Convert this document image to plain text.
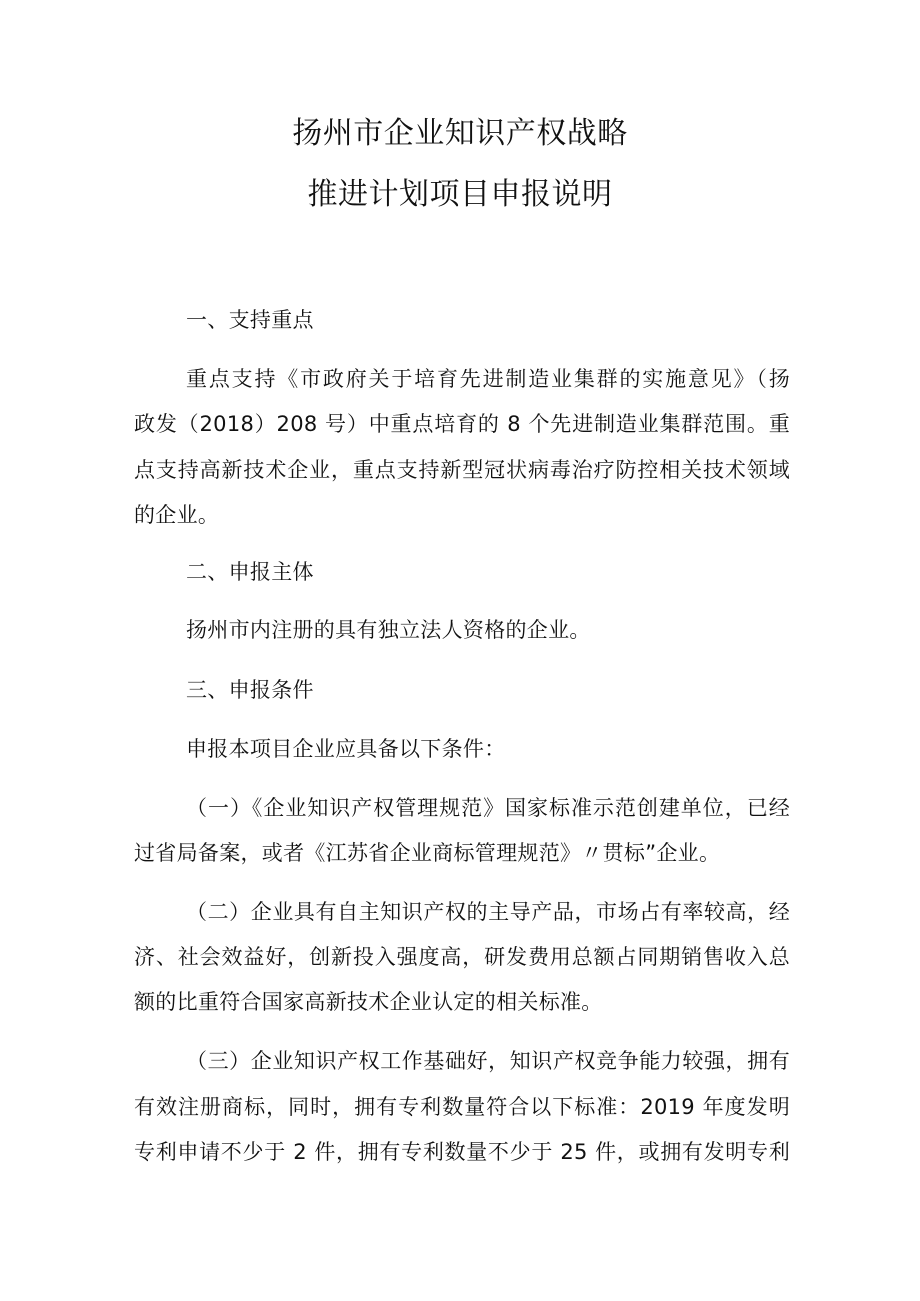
扬州市企业知识产权战略
推进计划项目申报说明
一、支持重点
重点支持《市政府关于培育先进制造业集群的实施意见》（扬
政发（2018）208 号）中重点培育的 8 个先进制造业集群范围。重
点支持高新技术企业，重点支持新型冠状病毒治疗防控相关技术领域
的企业。
二、申报主体
扬州市内注册的具有独立法人资格的企业。
三、申报条件
申报本项目企业应具备以下条件：
（一）《企业知识产权管理规范》国家标准示范创建单位，已经
过省局备案，或者《江苏省企业商标管理规范》〃贯标”企业。
（二）企业具有自主知识产权的主导产品，市场占有率较高，经
济、社会效益好，创新投入强度高，研发费用总额占同期销售收入总
额的比重符合国家高新技术企业认定的相关标准。
（三）企业知识产权工作基础好，知识产权竞争能力较强，拥有
有效注册商标，同时，拥有专利数量符合以下标准：2019 年度发明
专利申请不少于 2 件，拥有专利数量不少于 25 件，或拥有发明专利
